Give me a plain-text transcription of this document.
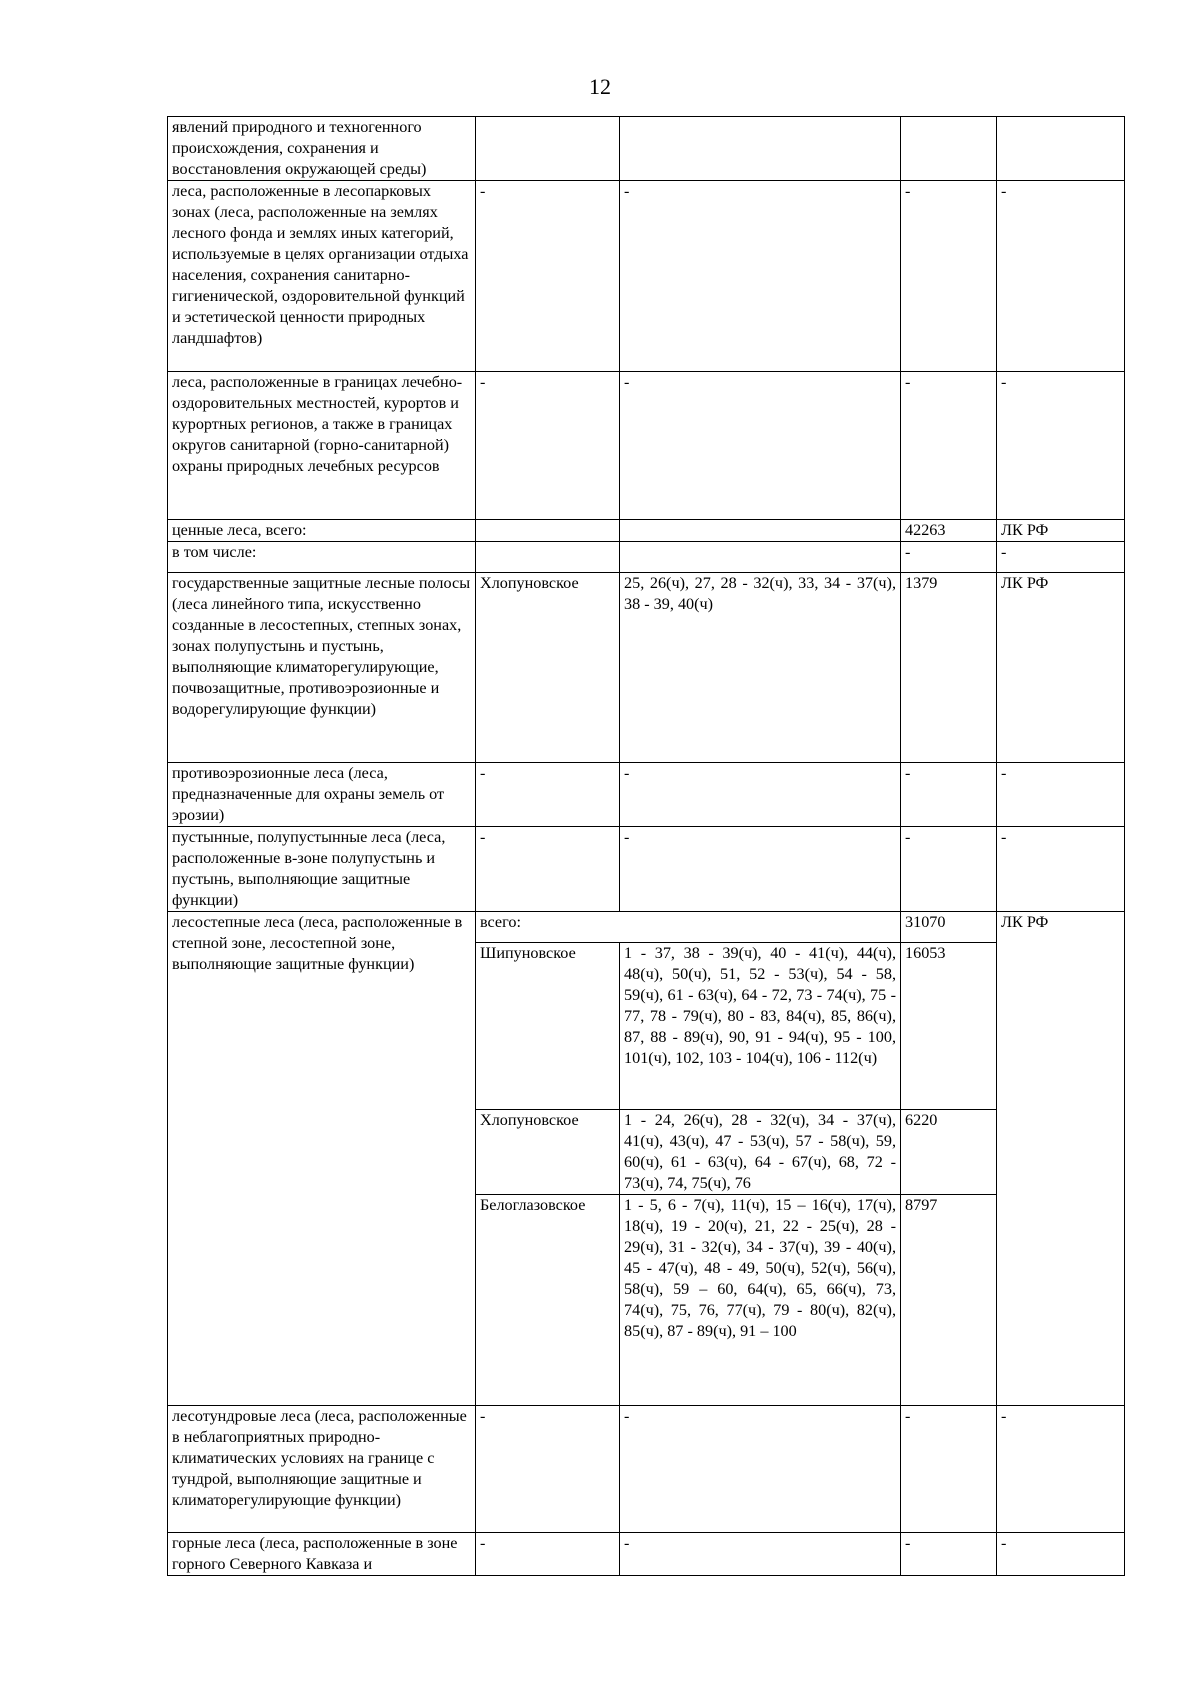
12
явлений природного и техногенного происхождения, сохранения и восстановления окружающей среды)				
леса, расположенные в лесопарковых зонах (леса, расположенные на землях лесного фонда и землях иных категорий, используемые в целях организации отдыха населения, сохранения санитарно-гигиенической, оздоровительной функций и эстетической ценности природных ландшафтов)	-	-	-	-
леса, расположенные в границах лечебно-оздоровительных местностей, курортов и курортных регионов, а также в границах округов санитарной (горно-санитарной) охраны природных лечебных ресурсов	-	-	-	-
ценные леса, всего:			42263	ЛК РФ
в том числе:			-	-
государственные защитные лесные полосы (леса линейного типа, искусственно созданные в лесостепных, степных зонах, зонах полупустынь и пустынь, выполняющие климаторегулирующие, почвозащитные, противоэрозионные и водорегулирующие функции)	Хлопуновское	25, 26(ч), 27, 28 - 32(ч), 33, 34 - 37(ч), 38 - 39, 40(ч)	1379	ЛК РФ
противоэрозионные леса (леса, предназначенные для охраны земель от эрозии)	-	-	-	-
пустынные, полупустынные леса (леса, расположенные в-зоне полупустынь и пустынь, выполняющие защитные функции)	-	-	-	-
лесостепные леса (леса, расположенные в степной зоне, лесостепной зоне, выполняющие защитные функции)	всего:		31070	ЛК РФ
	Шипуновское	1 - 37, 38 - 39(ч), 40 - 41(ч), 44(ч), 48(ч), 50(ч), 51, 52 - 53(ч), 54 - 58, 59(ч), 61 - 63(ч), 64 - 72, 73 - 74(ч), 75 - 77, 78 - 79(ч), 80 - 83, 84(ч), 85, 86(ч), 87, 88 - 89(ч), 90, 91 - 94(ч), 95 - 100, 101(ч), 102, 103 - 104(ч), 106 - 112(ч)	16053	
	Хлопуновское	1 - 24, 26(ч), 28 - 32(ч), 34 - 37(ч), 41(ч), 43(ч), 47 - 53(ч), 57 - 58(ч), 59, 60(ч), 61 - 63(ч), 64 - 67(ч), 68, 72 - 73(ч), 74, 75(ч), 76	6220	
	Белоглазовское	1 - 5, 6 - 7(ч), 11(ч), 15 – 16(ч), 17(ч), 18(ч), 19 - 20(ч), 21, 22 - 25(ч), 28 - 29(ч), 31 - 32(ч), 34 - 37(ч), 39 - 40(ч), 45 - 47(ч), 48 - 49, 50(ч), 52(ч), 56(ч), 58(ч), 59 – 60, 64(ч), 65, 66(ч), 73, 74(ч), 75, 76, 77(ч), 79 - 80(ч), 82(ч), 85(ч), 87 - 89(ч), 91 – 100	8797	
лесотундровые леса (леса, расположенные в неблагоприятных природно-климатических условиях на границе с тундрой, выполняющие защитные и климаторегулирующие функции)	-	-	-	-
горные леса (леса, расположенные в зоне горного Северного Кавказа и	-	-	-	-
